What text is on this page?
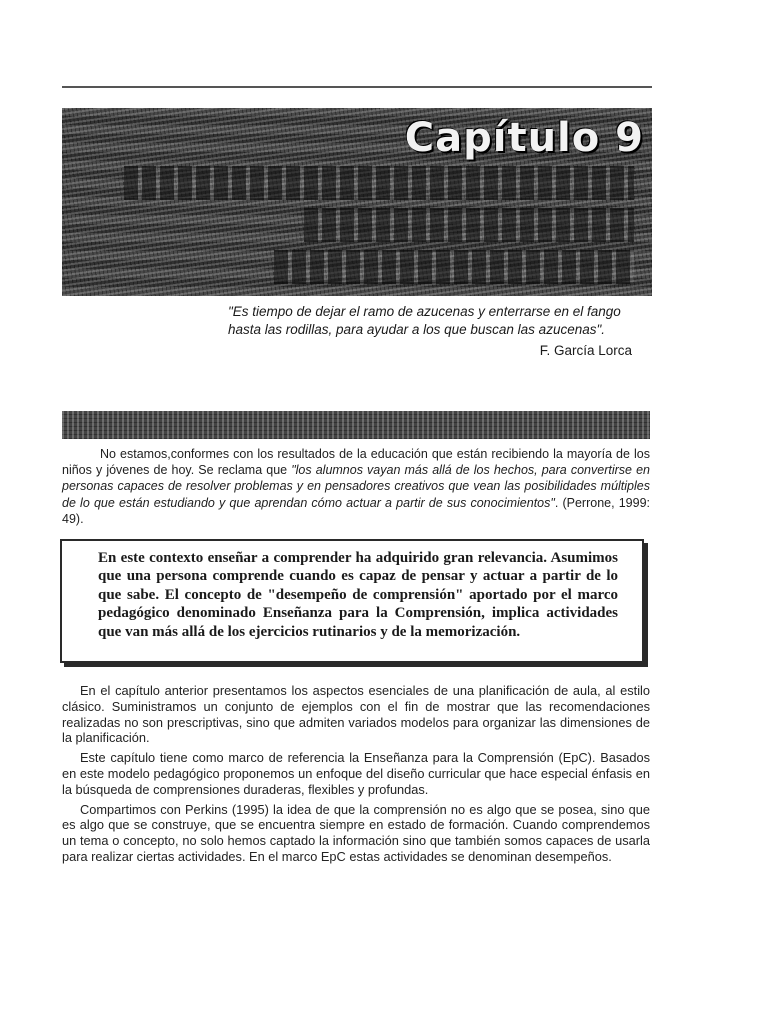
Capítulo 9

"Es tiempo de dejar el ramo de azucenas y enterrarse en el fango hasta las rodillas, para ayudar a los que buscan las azucenas".

F. García Lorca

No estamos,conformes con los resultados de la educación que están recibiendo la mayoría de los niños y jóvenes de hoy. Se reclama que "los alumnos vayan más allá de los hechos, para convertirse en personas capaces de resolver problemas y en pensadores creativos que vean las posibilidades múltiples de lo que están estudiando y que aprendan cómo actuar a partir de sus conocimientos". (Perrone, 1999: 49).

En este contexto enseñar a comprender ha adquirido gran relevancia. Asumimos que una persona comprende cuando es capaz de pensar y actuar a partir de lo que sabe. El concepto de "desempeño de comprensión" aportado por el marco pedagógico denominado Enseñanza para la Comprensión, implica actividades que van más allá de los ejercicios rutinarios y de la memorización.

En el capítulo anterior presentamos los aspectos esenciales de una planificación de aula, al estilo clásico. Suministramos un conjunto de ejemplos con el fin de mostrar que las recomendaciones realizadas no son prescriptivas, sino que admiten variados modelos para organizar las dimensiones de la planificación.

Este capítulo tiene como marco de referencia la Enseñanza para la Comprensión (EpC). Basados en este modelo pedagógico proponemos un enfoque del diseño curricular que hace especial énfasis en la búsqueda de comprensiones duraderas, flexibles y profundas.

Compartimos con Perkins (1995) la idea de que la comprensión no es algo que se posea, sino que es algo que se construye, que se encuentra siempre en estado de formación. Cuando comprendemos un tema o concepto, no solo hemos captado la información sino que también somos capaces de usarla para realizar ciertas actividades. En el marco EpC estas actividades se denominan desempeños.
